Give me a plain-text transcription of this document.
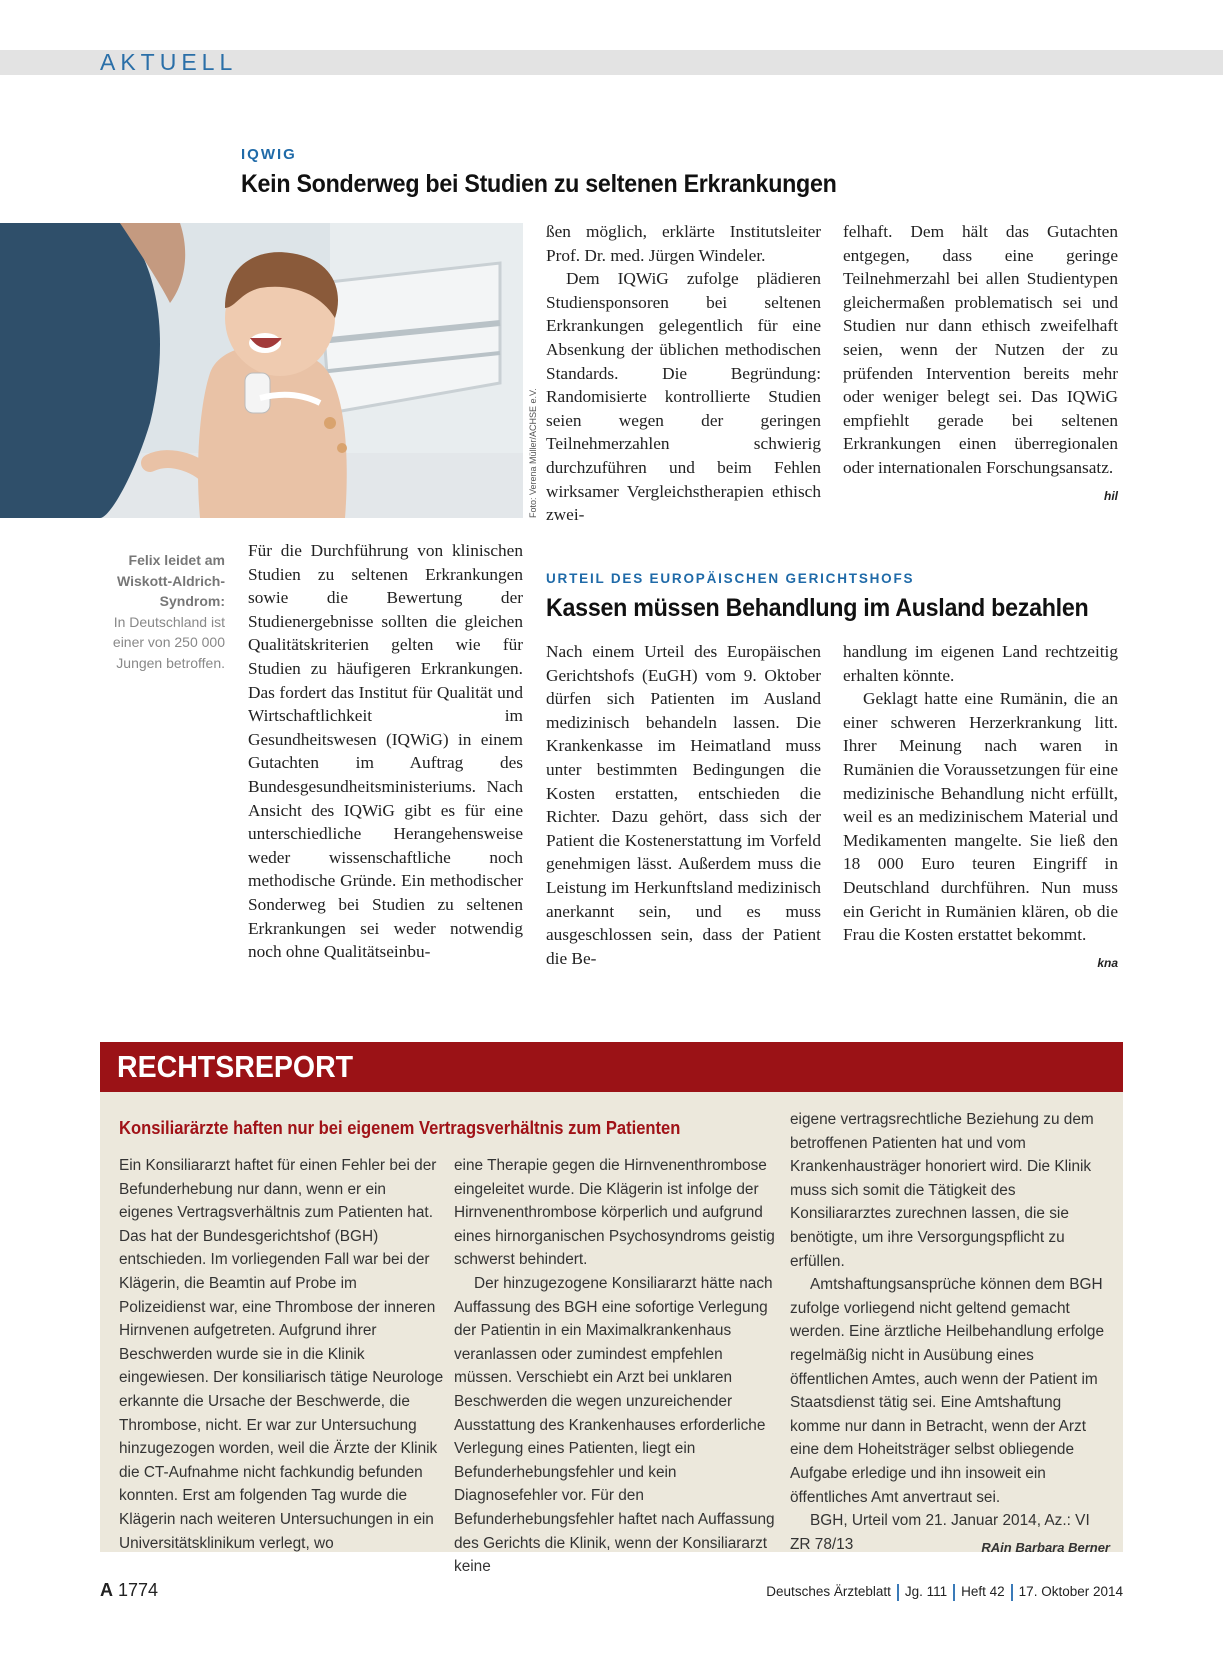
AKTUELL
IQWIG
Kein Sonderweg bei Studien zu seltenen Erkrankungen
Foto: Verena Müller/ACHSE e.V.
Felix leidet am Wiskott-Aldrich-Syndrom:
In Deutschland ist einer von 250 000 Jungen betroffen.

Für die Durchführung von klinischen Studien zu seltenen Erkrankungen sowie die Bewertung der Studienergebnisse sollten die gleichen Qualitätskriterien gelten wie für Studien zu häufigeren Erkrankungen. Das fordert das Institut für Qualität und Wirtschaftlichkeit im Gesundheitswesen (IQWiG) in einem Gutachten im Auftrag des Bundesgesundheitsministeriums. Nach Ansicht des IQWiG gibt es für eine unterschiedliche Herangehensweise weder wissenschaftliche noch methodische Gründe. Ein methodischer Sonderweg bei Studien zu seltenen Erkrankungen sei weder notwendig noch ohne Qualitätseinbu-

ßen möglich, erklärte Institutsleiter Prof. Dr. med. Jürgen Windeler.

Dem IQWiG zufolge plädieren Studiensponsoren bei seltenen Erkrankungen gelegentlich für eine Absenkung der üblichen methodischen Standards. Die Begründung: Randomisierte kontrollierte Studien seien wegen der geringen Teilnehmerzahlen schwierig durchzuführen und beim Fehlen wirksamer Vergleichstherapien ethisch zwei-

felhaft. Dem hält das Gutachten entgegen, dass eine geringe Teilnehmerzahl bei allen Studientypen gleichermaßen problematisch sei und Studien nur dann ethisch zweifelhaft seien, wenn der Nutzen der zu prüfenden Intervention bereits mehr oder weniger belegt sei. Das IQWiG empfiehlt gerade bei seltenen Erkrankungen einen überregionalen oder internationalen Forschungsansatz.
hil

URTEIL DES EUROPÄISCHEN GERICHTSHOFS
Kassen müssen Behandlung im Ausland bezahlen

Nach einem Urteil des Europäischen Gerichtshofs (EuGH) vom 9. Oktober dürfen sich Patienten im Ausland medizinisch behandeln lassen. Die Krankenkasse im Heimatland muss unter bestimmten Bedingungen die Kosten erstatten, entschieden die Richter. Dazu gehört, dass sich der Patient die Kostenerstattung im Vorfeld genehmigen lässt. Außerdem muss die Leistung im Herkunftsland medizinisch anerkannt sein, und es muss ausgeschlossen sein, dass der Patient die Be-

handlung im eigenen Land rechtzeitig erhalten könnte.

Geklagt hatte eine Rumänin, die an einer schweren Herzerkrankung litt. Ihrer Meinung nach waren in Rumänien die Voraussetzungen für eine medizinische Behandlung nicht erfüllt, weil es an medizinischem Material und Medikamenten mangelte. Sie ließ den 18 000 Euro teuren Eingriff in Deutschland durchführen. Nun muss ein Gericht in Rumänien klären, ob die Frau die Kosten erstattet bekommt.
kna

RECHTSREPORT
Konsiliarärzte haften nur bei eigenem Vertragsverhältnis zum Patienten

Ein Konsiliararzt haftet für einen Fehler bei der Befunderhebung nur dann, wenn er ein eigenes Vertragsverhältnis zum Patienten hat. Das hat der Bundesgerichtshof (BGH) entschieden. Im vorliegenden Fall war bei der Klägerin, die Beamtin auf Probe im Polizeidienst war, eine Thrombose der inneren Hirnvenen aufgetreten. Aufgrund ihrer Beschwerden wurde sie in die Klinik eingewiesen. Der konsiliarisch tätige Neurologe erkannte die Ursache der Beschwerde, die Thrombose, nicht. Er war zur Untersuchung hinzugezogen worden, weil die Ärzte der Klinik die CT-Aufnahme nicht fachkundig befunden konnten. Erst am folgenden Tag wurde die Klägerin nach weiteren Untersuchungen in ein Universitätsklinikum verlegt, wo

eine Therapie gegen die Hirnvenenthrombose eingeleitet wurde. Die Klägerin ist infolge der Hirnvenenthrombose körperlich und aufgrund eines hirnorganischen Psychosyndroms geistig schwerst behindert.

Der hinzugezogene Konsiliararzt hätte nach Auffassung des BGH eine sofortige Verlegung der Patientin in ein Maximalkrankenhaus veranlassen oder zumindest empfehlen müssen. Verschiebt ein Arzt bei unklaren Beschwerden die wegen unzureichender Ausstattung des Krankenhauses erforderliche Verlegung eines Patienten, liegt ein Befunderhebungsfehler und kein Diagnosefehler vor. Für den Befunderhebungsfehler haftet nach Auffassung des Gerichts die Klinik, wenn der Konsiliararzt keine

eigene vertragsrechtliche Beziehung zu dem betroffenen Patienten hat und vom Krankenhausträger honoriert wird. Die Klinik muss sich somit die Tätigkeit des Konsiliararztes zurechnen lassen, die sie benötigte, um ihre Versorgungspflicht zu erfüllen.

Amtshaftungsansprüche können dem BGH zufolge vorliegend nicht geltend gemacht werden. Eine ärztliche Heilbehandlung erfolge regelmäßig nicht in Ausübung eines öffentlichen Amtes, auch wenn der Patient im Staatsdienst tätig sei. Eine Amtshaftung komme nur dann in Betracht, wenn der Arzt eine dem Hoheitsträger selbst obliegende Aufgabe erledige und ihn insoweit ein öffentliches Amt anvertraut sei.

BGH, Urteil vom 21. Januar 2014, Az.: VI ZR 78/13	RAin Barbara Berner

A 1774	Deutsches Ärzteblatt Jg. 111 Heft 42 17. Oktober 2014
